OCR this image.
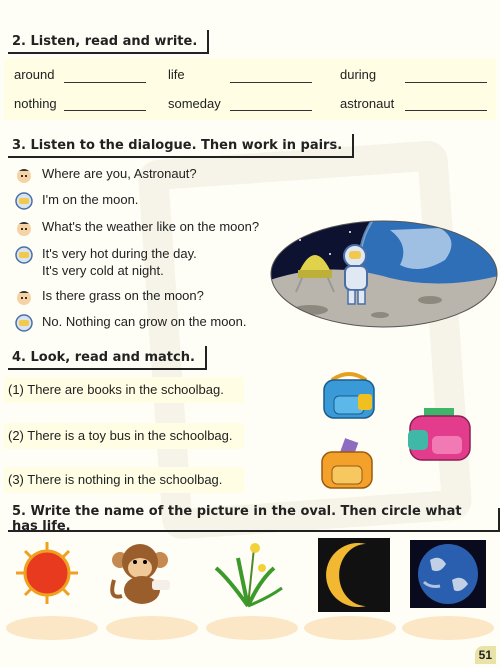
2. Listen, read and write.
around	life	during
nothing	someday	astronaut
3. Listen to the dialogue. Then work in pairs.
Where are you, Astronaut?
I'm on the moon.
What's the weather like on the moon?
It's very hot during the day.
It's very cold at night.
Is there grass on the moon?
No. Nothing can grow on the moon.
4. Look, read and match.
(1) There are books in the schoolbag.
(2) There is a toy bus in the schoolbag.
(3) There is nothing in the schoolbag.
5. Write the name of the picture in the oval. Then circle what has life.
51
